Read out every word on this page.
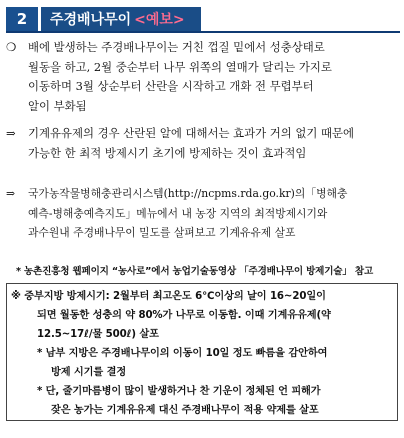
2	주경배나무이 <예보>
❍ 배에 발생하는 주경배나무이는 거친 껍질 밑에서 성충상태로
월동을 하고, 2월 중순부터 나무 위쪽의 열매가 달리는 가지로
이동하며 3월 상순부터 산란을 시작하고 개화 전 무렵부터
알이 부화됨
⇒ 기계유유제의 경우 산란된 알에 대해서는 효과가 거의 없기 때문에
가능한 한 최적 방제시기 초기에 방제하는 것이 효과적임
⇒ 국가농작물병해충관리시스템(http://ncpms.rda.go.kr)의「병해충
예측-병해충예측지도」메뉴에서 내 농장 지역의 최적방제시기와
과수원내 주경배나무이 밀도를 살펴보고 기계유유제 살포
* 농촌진흥청 웹페이지 “농사로”에서 농업기술동영상 「주경배나무이 방제기술」 참고
※ 중부지방 방제시기: 2월부터 최고온도 6℃이상의 날이 16~20일이
되면 월동한 성충의 약 80%가 나무로 이동함. 이때 기계유유제(약
12.5~17ℓ/물 500ℓ) 살포
* 남부 지방은 주경배나무이의 이동이 10일 정도 빠름을 감안하여
방제 시기를 결정
* 단, 줄기마름병이 많이 발생하거나 찬 기운이 정체된 언 피해가
잦은 농가는 기계유유제 대신 주경배나무이 적용 약제를 살포
